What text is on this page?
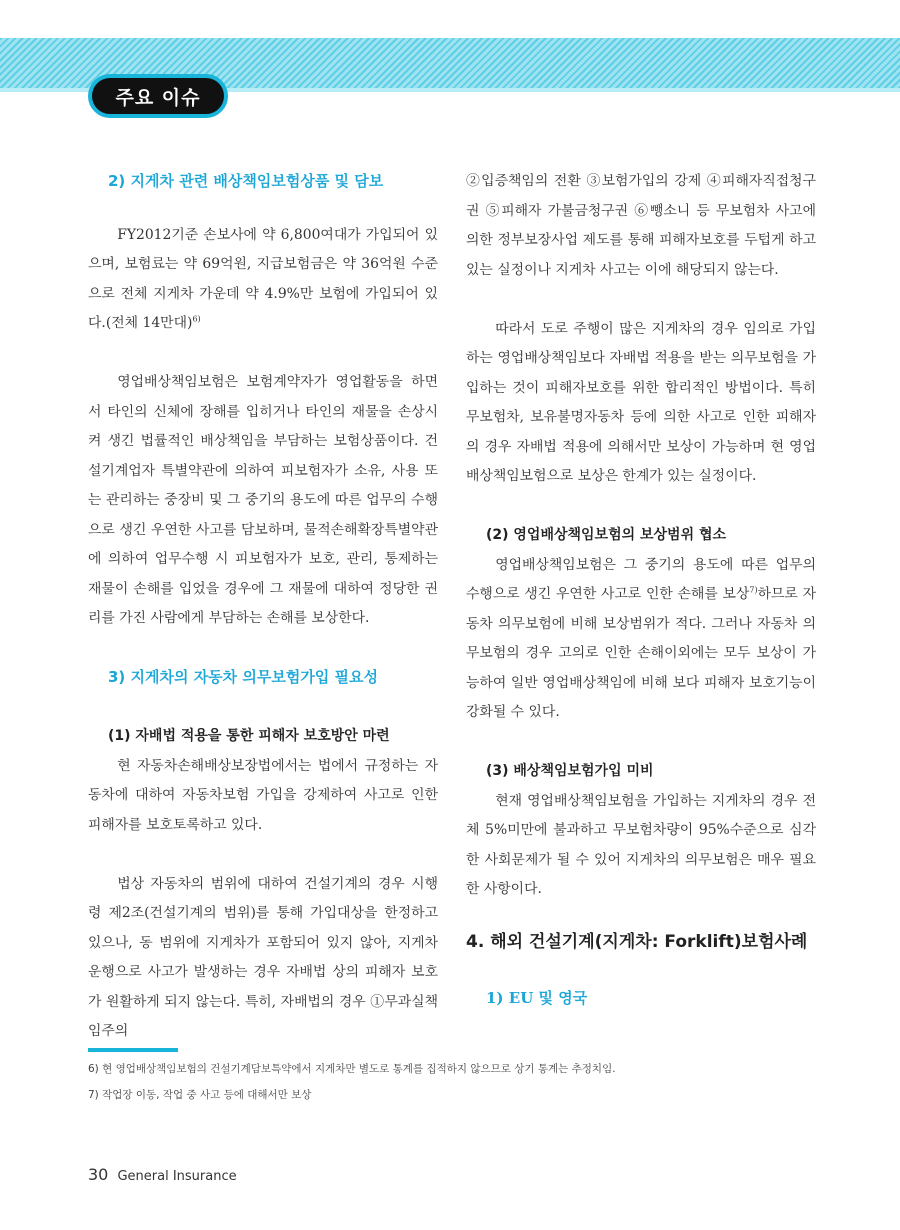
주요 이슈
2) 지게차 관련 배상책임보험상품 및 담보

FY2012기준 손보사에 약 6,800여대가 가입되어 있으며, 보험료는 약 69억원, 지급보험금은 약 36억원 수준으로 전체 지게차 가운데 약 4.9%만 보험에 가입되어 있다.(전체 14만대)$^{6)}$

영업배상책임보험은 보험계약자가 영업활동을 하면서 타인의 신체에 장해를 입히거나 타인의 재물을 손상시켜 생긴 법률적인 배상책임을 부담하는 보험상품이다. 건설기계업자 특별약관에 의하여 피보험자가 소유, 사용 또는 관리하는 중장비 및 그 중기의 용도에 따른 업무의 수행으로 생긴 우연한 사고를 담보하며, 물적손해확장특별약관에 의하여 업무수행 시 피보험자가 보호, 관리, 통제하는 재물이 손해를 입었을 경우에 그 재물에 대하여 정당한 권리를 가진 사람에게 부담하는 손해를 보상한다.

3) 지게차의 자동차 의무보험가입 필요성
(1) 자배법 적용을 통한 피해자 보호방안 마련

현 자동차손해배상보장법에서는 법에서 규정하는 자동차에 대하여 자동차보험 가입을 강제하여 사고로 인한 피해자를 보호토록하고 있다.

법상 자동차의 범위에 대하여 건설기계의 경우 시행령 제2조(건설기계의 범위)를 통해 가입대상을 한정하고 있으나, 동 범위에 지게차가 포함되어 있지 않아, 지게차 운행으로 사고가 발생하는 경우 자배법 상의 피해자 보호가 원활하게 되지 않는다. 특히, 자배법의 경우 ①무과실책임주의

②입증책임의 전환 ③보험가입의 강제 ④피해자직접청구권 ⑤피해자 가불금청구권 ⑥뺑소니 등 무보험차 사고에 의한 정부보장사업 제도를 통해 피해자보호를 두텁게 하고 있는 실정이나 지게차 사고는 이에 해당되지 않는다.

따라서 도로 주행이 많은 지게차의 경우 임의로 가입하는 영업배상책임보다 자배법 적용을 받는 의무보험을 가입하는 것이 피해자보호를 위한 합리적인 방법이다. 특히 무보험차, 보유불명자동차 등에 의한 사고로 인한 피해자의 경우 자배법 적용에 의해서만 보상이 가능하며 현 영업배상책임보험으로 보상은 한계가 있는 실정이다.

(2) 영업배상책임보험의 보상범위 협소

영업배상책임보험은 그 중기의 용도에 따른 업무의 수행으로 생긴 우연한 사고로 인한 손해를 보상$^{7)}$하므로 자동차 의무보험에 비해 보상범위가 적다. 그러나 자동차 의무보험의 경우 고의로 인한 손해이외에는 모두 보상이 가능하여 일반 영업배상책임에 비해 보다 피해자 보호기능이 강화될 수 있다.

(3) 배상책임보험가입 미비

현재 영업배상책임보험을 가입하는 지게차의 경우 전체 5%미만에 불과하고 무보험차량이 95%수준으로 심각한 사회문제가 될 수 있어 지게차의 의무보험은 매우 필요한 사항이다.

4. 해외 건설기계(지게차: Forklift)보험사례
1) EU 및 영국
6) 현 영업배상책임보험의 건설기계담보특약에서 지게차만 별도로 통계를 집적하지 않으므로 상기 통계는 추정치임.
7) 작업장 이동, 작업 중 사고 등에 대해서만 보상
30 General Insurance
